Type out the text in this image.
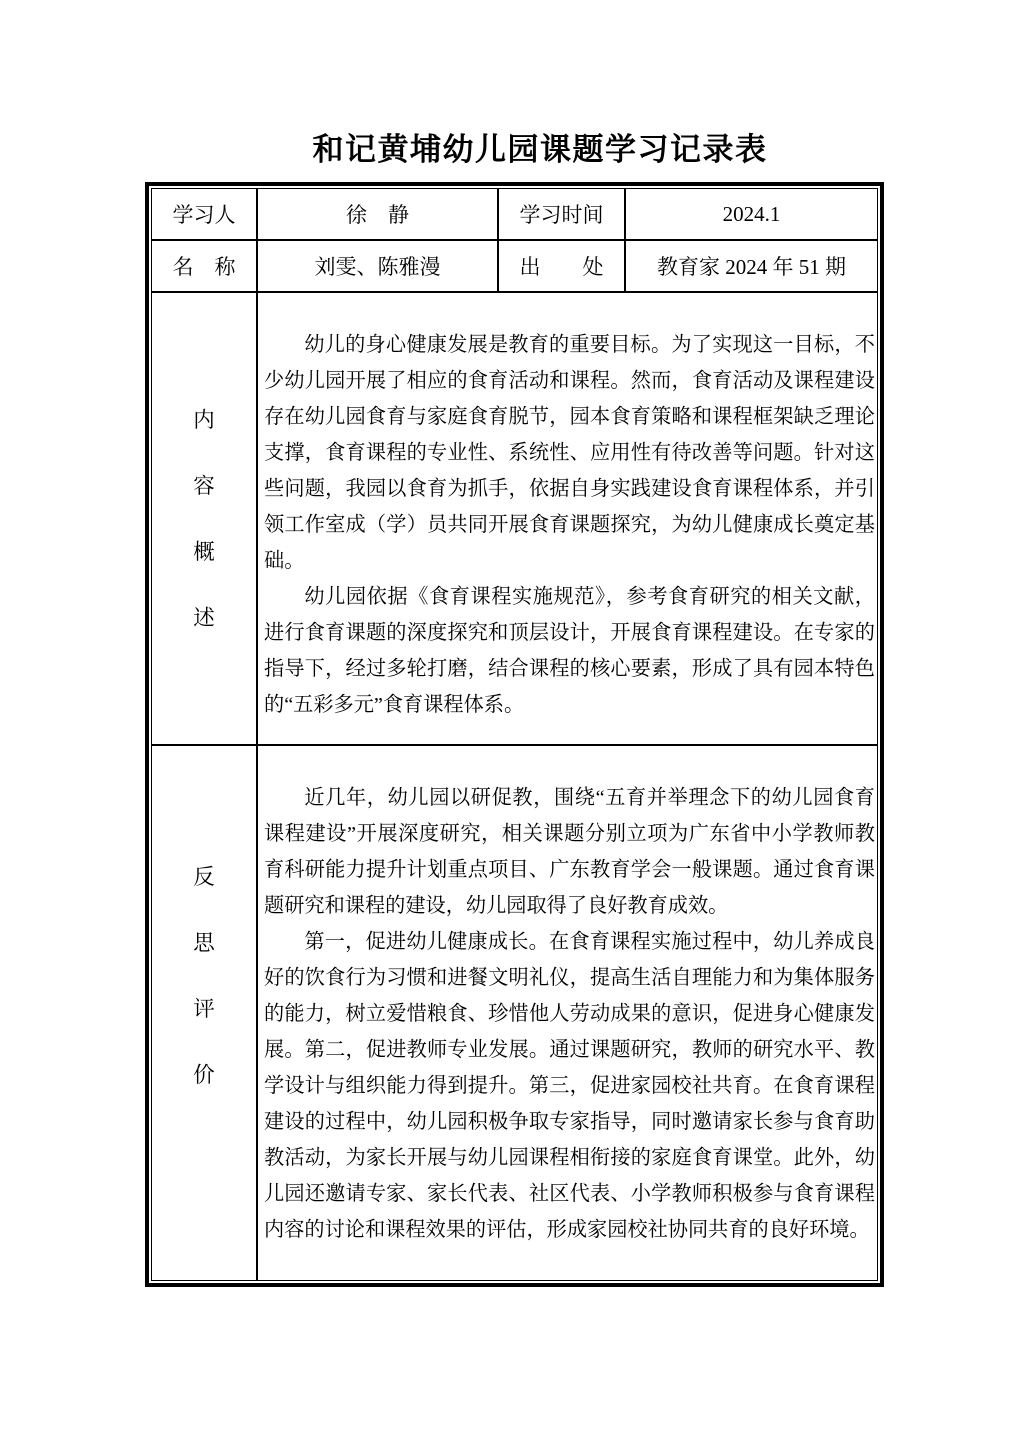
和记黄埔幼儿园课题学习记录表
学习人	徐　静	学习时间	2024.1
名　称	刘雯、陈雅漫	出　　处	教育家 2024 年 51 期
内
容
概
述

幼儿的身心健康发展是教育的重要目标。为了实现这一目标，不少幼儿园开展了相应的食育活动和课程。然而，食育活动及课程建设存在幼儿园食育与家庭食育脱节，园本食育策略和课程框架缺乏理论支撑，食育课程的专业性、系统性、应用性有待改善等问题。针对这些问题，我园以食育为抓手，依据自身实践建设食育课程体系，并引领工作室成（学）员共同开展食育课题探究，为幼儿健康成长奠定基础。

幼儿园依据《食育课程实施规范》，参考食育研究的相关文献，进行食育课题的深度探究和顶层设计，开展食育课程建设。在专家的指导下，经过多轮打磨，结合课程的核心要素，形成了具有园本特色的“五彩多元”食育课程体系。

反
思
评
价

近几年，幼儿园以研促教，围绕“五育并举理念下的幼儿园食育课程建设”开展深度研究，相关课题分别立项为广东省中小学教师教育科研能力提升计划重点项目、广东教育学会一般课题。通过食育课题研究和课程的建设，幼儿园取得了良好教育成效。

第一，促进幼儿健康成长。在食育课程实施过程中，幼儿养成良好的饮食行为习惯和进餐文明礼仪，提高生活自理能力和为集体服务的能力，树立爱惜粮食、珍惜他人劳动成果的意识，促进身心健康发展。第二，促进教师专业发展。通过课题研究，教师的研究水平、教学设计与组织能力得到提升。第三，促进家园校社共育。在食育课程建设的过程中，幼儿园积极争取专家指导，同时邀请家长参与食育助教活动，为家长开展与幼儿园课程相衔接的家庭食育课堂。此外，幼儿园还邀请专家、家长代表、社区代表、小学教师积极参与食育课程内容的讨论和课程效果的评估，形成家园校社协同共育的良好环境。
